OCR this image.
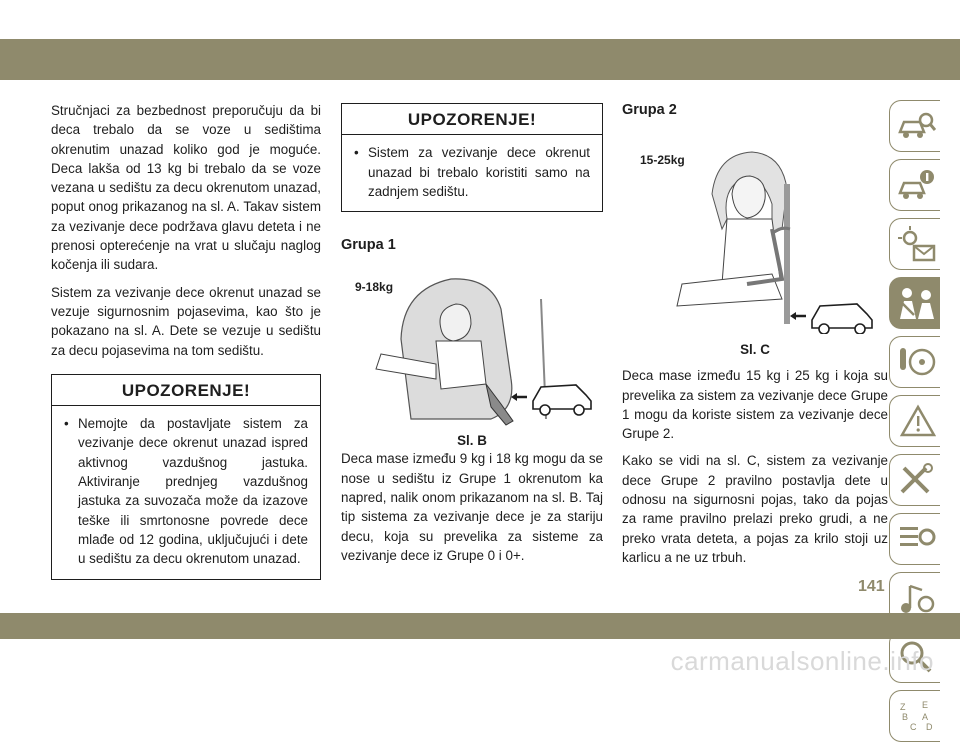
Stručnjaci za bezbednost preporučuju da bi deca trebalo da se voze u sedištima okrenutim unazad koliko god je moguće. Deca lakša od 13 kg bi trebalo da se voze vezana u sedištu za decu okrenutom unazad, poput onog prikazanog na sl. A. Takav sistem za vezivanje dece podržava glavu deteta i ne prenosi opterećenje na vrat u slučaju naglog kočenja ili sudara.

Sistem za vezivanje dece okrenut unazad se vezuje sigurnosnim pojasevima, kao što je pokazano na sl. A. Dete se vezuje u sedištu za decu pojasevima na tom sedištu.

UPOZORENJE!
• Nemojte da postavljate sistem za vezivanje dece okrenut unazad ispred aktivnog vazdušnog jastuka. Aktiviranje prednjeg vazdušnog jastuka za suvozača može da izazove teške ili smrtonosne povrede dece mlađe od 12 godina, uključujući i dete u sedištu za decu okrenutom unazad.
UPOZORENJE!
• Sistem za vezivanje dece okrenut unazad bi trebalo koristiti samo na zadnjem sedištu.

Grupa 1

9-18kg
Sl. B

Deca mase između 9 kg i 18 kg mogu da se nose u sedištu iz Grupe 1 okrenutom ka napred, nalik onom prikazanom na sl. B. Taj tip sistema za vezivanje dece je za stariju decu, koja su prevelika za sisteme za vezivanje dece iz Grupe 0 i 0+.

Grupa 2

15-25kg
Sl. C

Deca mase između 15 kg i 25 kg i koja su prevelika za sistem za vezivanje dece Grupe 1 mogu da koriste sistem za vezivanje dece Grupe 2.

Kako se vidi na sl. C, sistem za vezivanje dece Grupe 2 pravilno postavlja dete u odnosu na sigurnosni pojas, tako da pojas za rame pravilno prelazi preko grudi, a ne preko vrata deteta, a pojas za krilo stoji uz karlicu a ne uz trbuh.

Z E
B A
C D
141
carmanualsonline.info
